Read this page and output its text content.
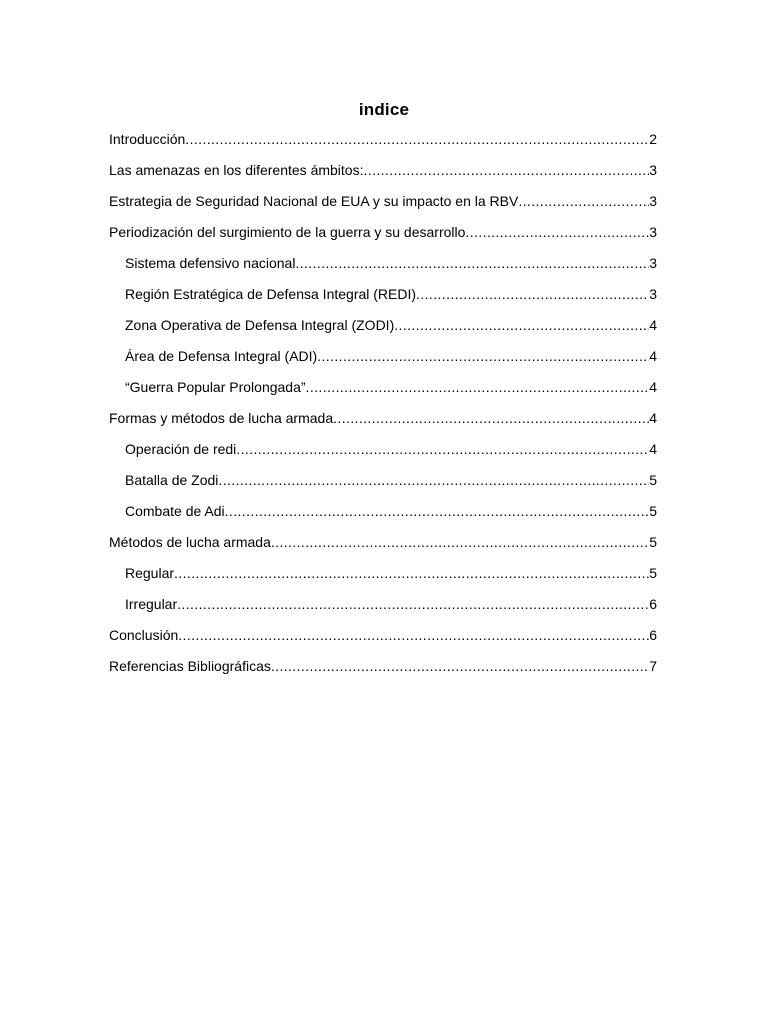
indice
Introducción .....	2
Las amenazas en los diferentes ámbitos: .....	3
Estrategia de Seguridad Nacional de EUA y su impacto en la RBV .....	3
Periodización del surgimiento de la guerra y su desarrollo .....	3
Sistema defensivo nacional .....	3
Región Estratégica de Defensa Integral (REDI) .....	3
Zona Operativa de Defensa Integral (ZODI) .....	4
Área de Defensa Integral (ADI) .....	4
“Guerra Popular Prolongada” .....	4
Formas y métodos de lucha armada .....	4
Operación de redi .....	4
Batalla de Zodi .....	5
Combate de Adi .....	5
Métodos de lucha armada .....	5
Regular .....	5
Irregular .....	6
Conclusión .....	6
Referencias Bibliográficas .....	7
